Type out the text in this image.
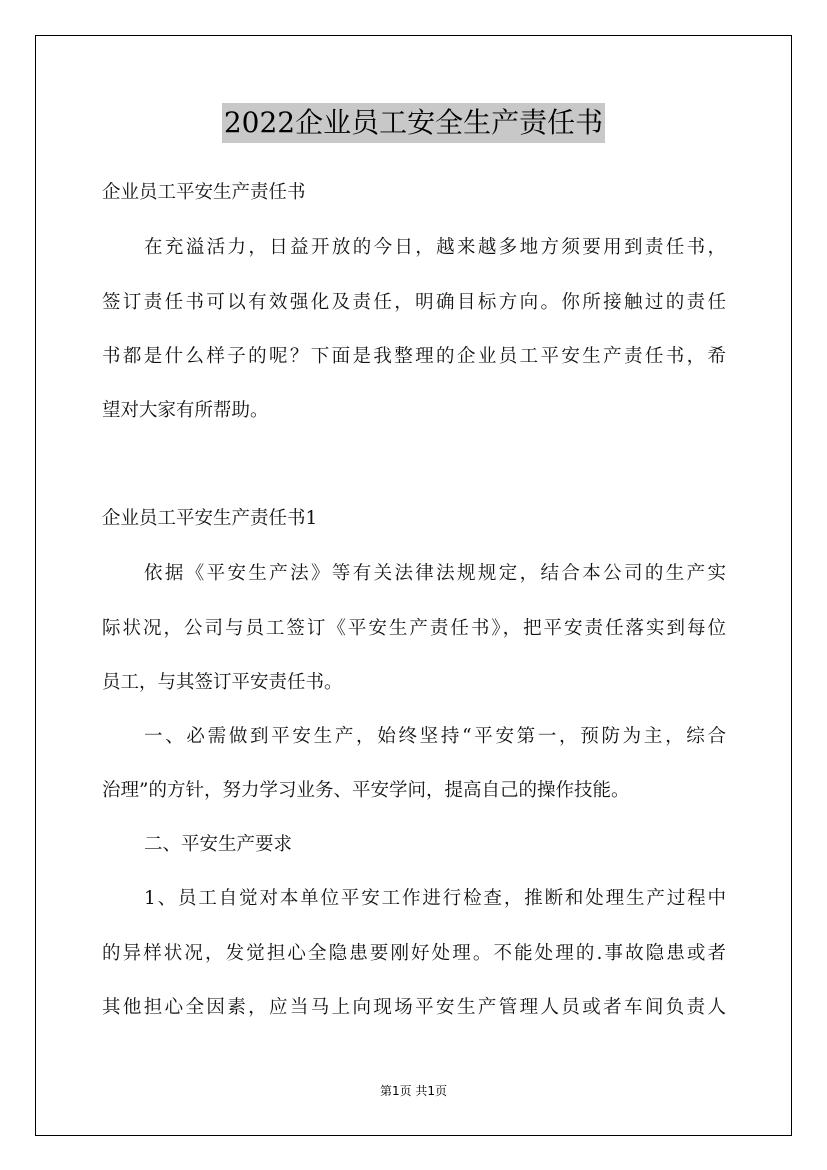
2022企业员工安全生产责任书
企业员工平安生产责任书
在充溢活力，日益开放的今日，越来越多地方须要用到责任书，
签订责任书可以有效强化及责任，明确目标方向。你所接触过的责任
书都是什么样子的呢？下面是我整理的企业员工平安生产责任书，希
望对大家有所帮助。
企业员工平安生产责任书1
依据《平安生产法》等有关法律法规规定，结合本公司的生产实
际状况，公司与员工签订《平安生产责任书》，把平安责任落实到每位
员工，与其签订平安责任书。
一、必需做到平安生产，始终坚持“平安第一，预防为主，综合
治理”的方针，努力学习业务、平安学问，提高自己的操作技能。
二、平安生产要求
1、员工自觉对本单位平安工作进行检查，推断和处理生产过程中
的异样状况，发觉担心全隐患要刚好处理。不能处理的.事故隐患或者
其他担心全因素，应当马上向现场平安生产管理人员或者车间负责人
第1页 共1页
